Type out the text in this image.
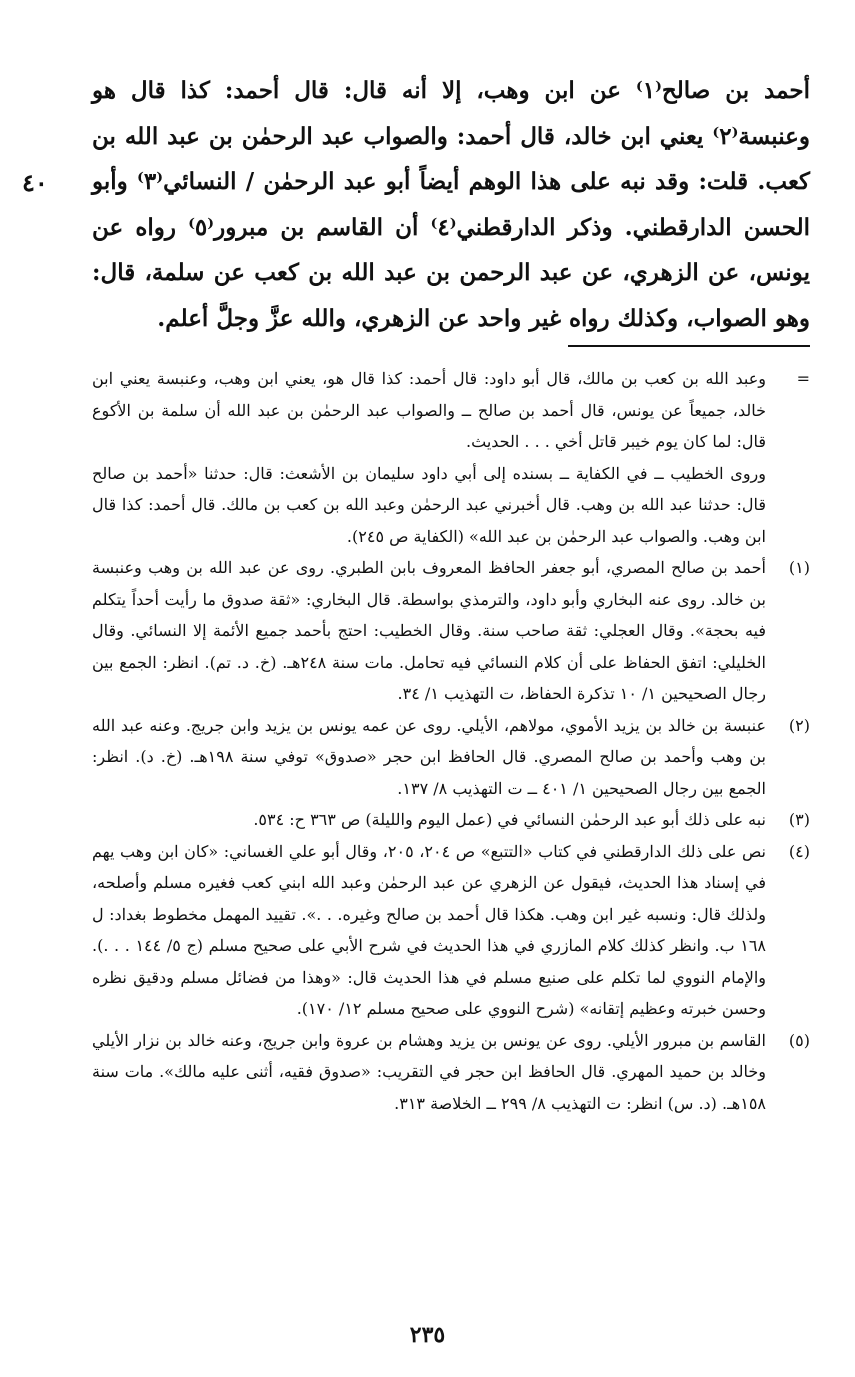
أحمد بن صالح⁽١⁾ عن ابن وهب، إلا أنه قال: قال أحمد: كذا قال هو وعنبسة⁽٢⁾ يعني ابن خالد، قال أحمد: والصواب عبد الرحمٰن بن عبد الله بن كعب. قلت: وقد نبه على هذا الوهم أيضاً أبو عبد الرحمٰن / النسائي⁽٣⁾ وأبو الحسن الدارقطني. وذكر الدارقطني⁽٤⁾ أن القاسم بن مبرور⁽٥⁾ رواه عن يونس، عن الزهري، عن عبد الرحمن بن عبد الله بن كعب عن سلمة، قال: وهو الصواب، وكذلك رواه غير واحد عن الزهري، والله عزَّ وجلَّ أعلم.
٤٠
=
وعبد الله بن كعب بن مالك، قال أبو داود: قال أحمد: كذا قال هو، يعني ابن وهب، وعنبسة يعني ابن خالد، جميعاً عن يونس، قال أحمد بن صالح ــ والصواب عبد الرحمٰن بن عبد الله أن سلمة بن الأكوع قال: لما كان يوم خيبر قاتل أخي . . . الحديث.
وروى الخطيب ــ في الكفاية ــ بسنده إلى أبي داود سليمان بن الأشعث: قال: حدثنا «أحمد بن صالح قال: حدثنا عبد الله بن وهب. قال أخبرني عبد الرحمٰن وعبد الله بن كعب بن مالك. قال أحمد: كذا قال ابن وهب. والصواب عبد الرحمٰن بن عبد الله» (الكفاية ص ٢٤٥).
(١)
أحمد بن صالح المصري، أبو جعفر الحافظ المعروف بابن الطبري. روى عن عبد الله بن وهب وعنبسة بن خالد. روى عنه البخاري وأبو داود، والترمذي بواسطة. قال البخاري: «ثقة صدوق ما رأيت أحداً يتكلم فيه بحجة». وقال العجلي: ثقة صاحب سنة. وقال الخطيب: احتج بأحمد جميع الأئمة إلا النسائي. وقال الخليلي: اتفق الحفاظ على أن كلام النسائي فيه تحامل. مات سنة ٢٤٨هـ. (خ. د. تم). انظر: الجمع بين رجال الصحيحين ١/ ١٠ تذكرة الحفاظ، ت التهذيب ١/ ٣٤.
(٢)
عنبسة بن خالد بن يزيد الأموي، مولاهم، الأيلي. روى عن عمه يونس بن يزيد وابن جريج. وعنه عبد الله بن وهب وأحمد بن صالح المصري. قال الحافظ ابن حجر «صدوق» توفي سنة ١٩٨هـ. (خ. د). انظر: الجمع بين رجال الصحيحين ١/ ٤٠١ ــ ت التهذيب ٨/ ١٣٧.
(٣)
نبه على ذلك أبو عبد الرحمٰن النسائي في (عمل اليوم والليلة) ص ٣٦٣ ح: ٥٣٤.
(٤)
نص على ذلك الدارقطني في كتاب «التتبع» ص ٢٠٤، ٢٠٥، وقال أبو علي الغساني: «كان ابن وهب يهم في إسناد هذا الحديث، فيقول عن الزهري عن عبد الرحمٰن وعبد الله ابني كعب فغيره مسلم وأصلحه، ولذلك قال: ونسبه غير ابن وهب. هكذا قال أحمد بن صالح وغيره. . .». تقييد المهمل مخطوط بغداد: ل ١٦٨ ب. وانظر كذلك كلام المازري في هذا الحديث في شرح الأبي على صحيح مسلم (ج ٥/ ١٤٤ . . .). والإمام النووي لما تكلم على صنيع مسلم في هذا الحديث قال: «وهذا من فضائل مسلم ودقيق نظره وحسن خبرته وعظيم إتقانه» (شرح النووي على صحيح مسلم ١٢/ ١٧٠).
(٥)
القاسم بن مبرور الأيلي. روى عن يونس بن يزيد وهشام بن عروة وابن جريج، وعنه خالد بن نزار الأيلي وخالد بن حميد المهري. قال الحافظ ابن حجر في التقريب: «صدوق فقيه، أثنى عليه مالك». مات سنة ١٥٨هـ. (د. س) انظر: ت التهذيب ٨/ ٢٩٩ ــ الخلاصة ٣١٣.
٢٣٥
